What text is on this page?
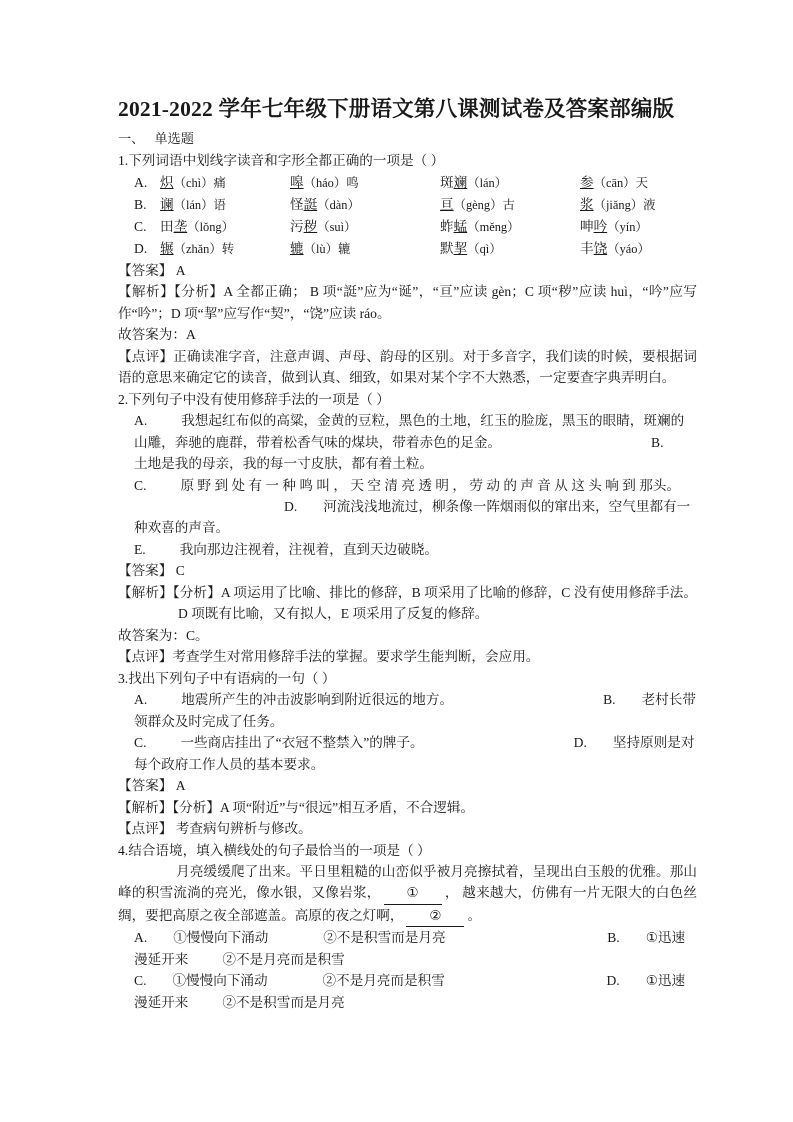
2021-2022 学年七年级下册语文第八课测试卷及答案部编版
一、 单选题

1.下列词语中划线字读音和字形全都正确的一项是（ ）

A. 炽（chì）痛	嗥（háo）鸣	斑斓（lán）	参（cān）天
B. 谰（lán）语	怪誔（dàn）	亘（gèng）古	浆（jiǎng）液
C. 田垄（lǒng）	污秽（suì）	蚱蜢（měng）	呻吟（yín）
D. 辗（zhǎn）转	辘（lù）辘	默挈（qì）	丰饶（yáo）

【答案】 A

【解析】【分析】A 全都正确； B 项“誔”应为“诞”，“亘”应读 gèn；C 项“秽”应读 huì，“吟”应写作“吟”；D 项“挈”应写作“契”，“饶”应读 ráo。

故答案为：A

【点评】正确读准字音，注意声调、声母、韵母的区别。对于多音字，我们读的时候，要根据词语的意思来确定它的读音，做到认真、细致，如果对某个字不大熟悉，一定要查字典弄明白。

2.下列句子中没有使用修辞手法的一项是（ ）

A.	我想起红布似的高粱，金黄的豆粒，黑色的土地，红玉的脸庞，黑玉的眼睛，斑斓的山雕，奔驰的鹿群，带着松香气味的煤块，带着赤色的足金。	B.土地是我的母亲，我的每一寸皮肤，都有着土粒。
C.	原 野 到 处 有 一 种 鸣 叫 ， 天 空 清 亮 透 明 ， 劳 动 的 声 音 从 这 头 响 到 那头。D. 河流浅浅地流过，柳条像一阵烟雨似的窜出来，空气里都有一种欢喜的声音。
E.	我向那边注视着，注视着，直到天边破晓。

【答案】 C

【解析】【分析】A 项运用了比喻、排比的修辞，B 项采用了比喻的修辞，C 没有使用修辞手法。D 项既有比喻，又有拟人，E 项采用了反复的修辞。

故答案为：C。

【点评】考查学生对常用修辞手法的掌握。要求学生能判断，会应用。

3.找出下列句子中有语病的一句（ ）

A.	地震所产生的冲击波影响到附近很远的地方。	B. 老村长带领群众及时完成了任务。
C.	一些商店挂出了“衣冠不整禁入”的牌子。	D. 坚持原则是对每个政府工作人员的基本要求。

【答案】 A

【解析】【分析】A 项“附近”与“很远”相互矛盾，不合逻辑。

【点评】 考查病句辨析与修改。

4.结合语境，填入横线处的句子最恰当的一项是（ ）

月亮缓缓爬了出来。平日里粗糙的山峦似乎被月亮擦拭着，呈现出白玉般的优雅。那山峰的积雪流淌的亮光，像水银，又像岩浆， ① ， 越来越大，仿佛有一片无限大的白色丝绸，要把高原之夜全部遮盖。高原的夜之灯啊， ② 。

A. ①慢慢向下涌动	②不是积雪而是月亮	B. ①迅速漫延开来	②不是月亮而是积雪
C. ①慢慢向下涌动	②不是月亮而是积雪	D. ①迅速漫延开来	②不是积雪而是月亮
